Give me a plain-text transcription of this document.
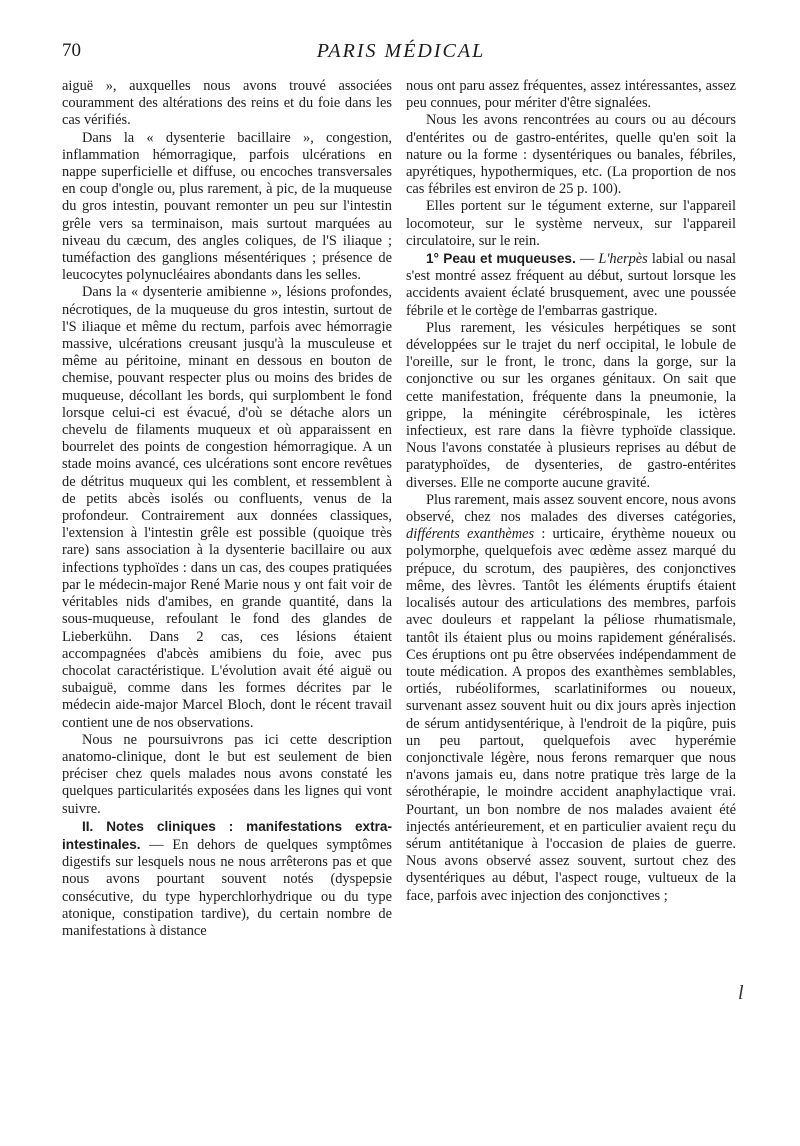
70	PARIS MÉDICAL

aiguë », auxquelles nous avons trouvé associées couramment des altérations des reins et du foie dans les cas vérifiés.

Dans la « dysenterie bacillaire », congestion, inflammation hémorragique, parfois ulcérations en nappe superficielle et diffuse, ou encoches transversales en coup d'ongle ou, plus rarement, à pic, de la muqueuse du gros intestin, pouvant remonter un peu sur l'intestin grêle vers sa terminaison, mais surtout marquées au niveau du cæcum, des angles coliques, de l'S iliaque ; tuméfaction des ganglions mésentériques ; présence de leucocytes polynucléaires abondants dans les selles.

Dans la « dysenterie amibienne », lésions profondes, nécrotiques, de la muqueuse du gros intestin, surtout de l'S iliaque et même du rectum, parfois avec hémorragie massive, ulcérations creusant jusqu'à la musculeuse et même au péritoine, minant en dessous en bouton de chemise, pouvant respecter plus ou moins des brides de muqueuse, décollant les bords, qui surplombent le fond lorsque celui-ci est évacué, d'où se détache alors un chevelu de filaments muqueux et où apparaissent en bourrelet des points de congestion hémorragique. A un stade moins avancé, ces ulcérations sont encore revêtues de détritus muqueux qui les comblent, et ressemblent à de petits abcès isolés ou confluents, venus de la profondeur. Contrairement aux données classiques, l'extension à l'intestin grêle est possible (quoique très rare) sans association à la dysenterie bacillaire ou aux infections typhoïdes : dans un cas, des coupes pratiquées par le médecin-major René Marie nous y ont fait voir de véritables nids d'amibes, en grande quantité, dans la sous-muqueuse, refoulant le fond des glandes de Lieberkühn. Dans 2 cas, ces lésions étaient accompagnées d'abcès amibiens du foie, avec pus chocolat caractéristique. L'évolution avait été aiguë ou subaiguë, comme dans les formes décrites par le médecin aide-major Marcel Bloch, dont le récent travail contient une de nos observations.

Nous ne poursuivrons pas ici cette description anatomo-clinique, dont le but est seulement de bien préciser chez quels malades nous avons constaté les quelques particularités exposées dans les lignes qui vont suivre.

II. Notes cliniques : manifestations extra-intestinales. — En dehors de quelques symptômes digestifs sur lesquels nous ne nous arrêterons pas et que nous avons pourtant souvent notés (dyspepsie consécutive, du type hyperchlorhydrique ou du type atonique, constipation tardive), du certain nombre de manifestations à distance

nous ont paru assez fréquentes, assez intéressantes, assez peu connues, pour mériter d'être signalées.

Nous les avons rencontrées au cours ou au décours d'entérites ou de gastro-entérites, quelle qu'en soit la nature ou la forme : dysentériques ou banales, fébriles, apyrétiques, hypothermiques, etc. (La proportion de nos cas fébriles est environ de 25 p. 100).

Elles portent sur le tégument externe, sur l'appareil locomoteur, sur le système nerveux, sur l'appareil circulatoire, sur le rein.

1° Peau et muqueuses. — L'herpès labial ou nasal s'est montré assez fréquent au début, surtout lorsque les accidents avaient éclaté brusquement, avec une poussée fébrile et le cortège de l'embarras gastrique.

Plus rarement, les vésicules herpétiques se sont développées sur le trajet du nerf occipital, le lobule de l'oreille, sur le front, le tronc, dans la gorge, sur la conjonctive ou sur les organes génitaux. On sait que cette manifestation, fréquente dans la pneumonie, la grippe, la méningite cérébrospinale, les ictères infectieux, est rare dans la fièvre typhoïde classique. Nous l'avons constatée à plusieurs reprises au début de paratyphoïdes, de dysenteries, de gastro-entérites diverses. Elle ne comporte aucune gravité.

Plus rarement, mais assez souvent encore, nous avons observé, chez nos malades des diverses catégories, différents exanthèmes : urticaire, érythème noueux ou polymorphe, quelquefois avec œdème assez marqué du prépuce, du scrotum, des paupières, des conjonctives même, des lèvres. Tantôt les éléments éruptifs étaient localisés autour des articulations des membres, parfois avec douleurs et rappelant la péliose rhumatismale, tantôt ils étaient plus ou moins rapidement généralisés. Ces éruptions ont pu être observées indépendamment de toute médication. A propos des exanthèmes semblables, ortiés, rubéoliformes, scarlatiniformes ou noueux, survenant assez souvent huit ou dix jours après injection de sérum antidysentérique, à l'endroit de la piqûre, puis un peu partout, quelquefois avec hyperémie conjonctivale légère, nous ferons remarquer que nous n'avons jamais eu, dans notre pratique très large de la sérothérapie, le moindre accident anaphylactique vrai. Pourtant, un bon nombre de nos malades avaient été injectés antérieurement, et en particulier avaient reçu du sérum antitétanique à l'occasion de plaies de guerre. Nous avons observé assez souvent, surtout chez des dysentériques au début, l'aspect rouge, vultueux de la face, parfois avec injection des conjonctives ;

l
